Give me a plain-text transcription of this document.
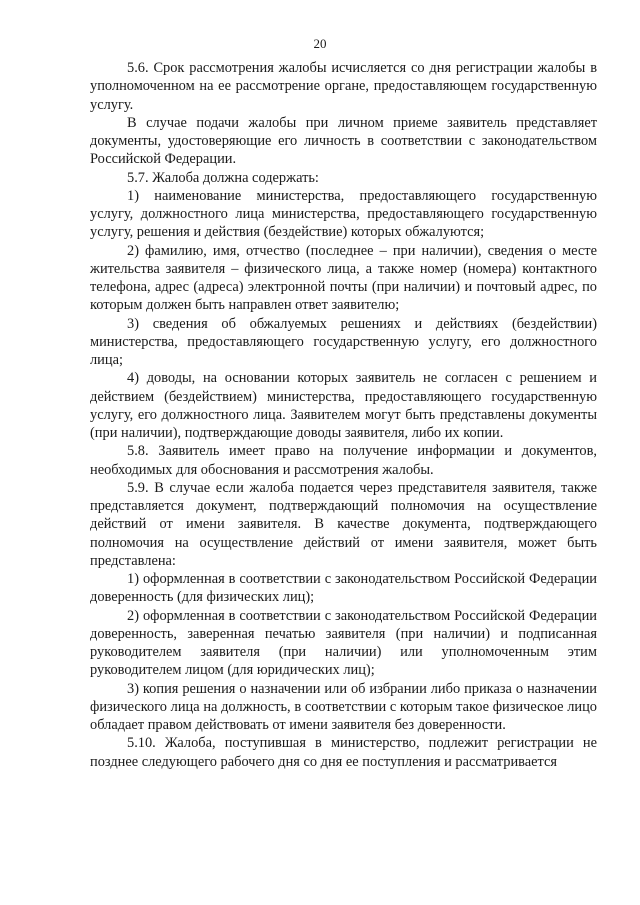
20

5.6. Срок рассмотрения жалобы исчисляется со дня регистрации жалобы в уполномоченном на ее рассмотрение органе, предоставляющем государственную услугу.

В случае подачи жалобы при личном приеме заявитель представляет документы, удостоверяющие его личность в соответствии с законодательством Российской Федерации.

5.7. Жалоба должна содержать:

1) наименование министерства, предоставляющего государственную услугу, должностного лица министерства, предоставляющего государственную услугу, решения и действия (бездействие) которых обжалуются;

2) фамилию, имя, отчество (последнее – при наличии), сведения о месте жительства заявителя – физического лица, а также номер (номера) контактного телефона, адрес (адреса) электронной почты (при наличии) и почтовый адрес, по которым должен быть направлен ответ заявителю;

3) сведения об обжалуемых решениях и действиях (бездействии) министерства, предоставляющего государственную услугу, его должностного лица;

4) доводы, на основании которых заявитель не согласен с решением и действием (бездействием) министерства, предоставляющего государственную услугу, его должностного лица. Заявителем могут быть представлены документы (при наличии), подтверждающие доводы заявителя, либо их копии.

5.8. Заявитель имеет право на получение информации и документов, необходимых для обоснования и рассмотрения жалобы.

5.9. В случае если жалоба подается через представителя заявителя, также представляется документ, подтверждающий полномочия на осуществление действий от имени заявителя. В качестве документа, подтверждающего полномочия на осуществление действий от имени заявителя, может быть представлена:

1) оформленная в соответствии с законодательством Российской Федерации доверенность (для физических лиц);

2) оформленная в соответствии с законодательством Российской Федерации доверенность, заверенная печатью заявителя (при наличии) и подписанная руководителем заявителя (при наличии) или уполномоченным этим руководителем лицом (для юридических лиц);

3) копия решения о назначении или об избрании либо приказа о назначении физического лица на должность, в соответствии с которым такое физическое лицо обладает правом действовать от имени заявителя без доверенности.

5.10. Жалоба, поступившая в министерство, подлежит регистрации не позднее следующего рабочего дня со дня ее поступления и рассматривается
